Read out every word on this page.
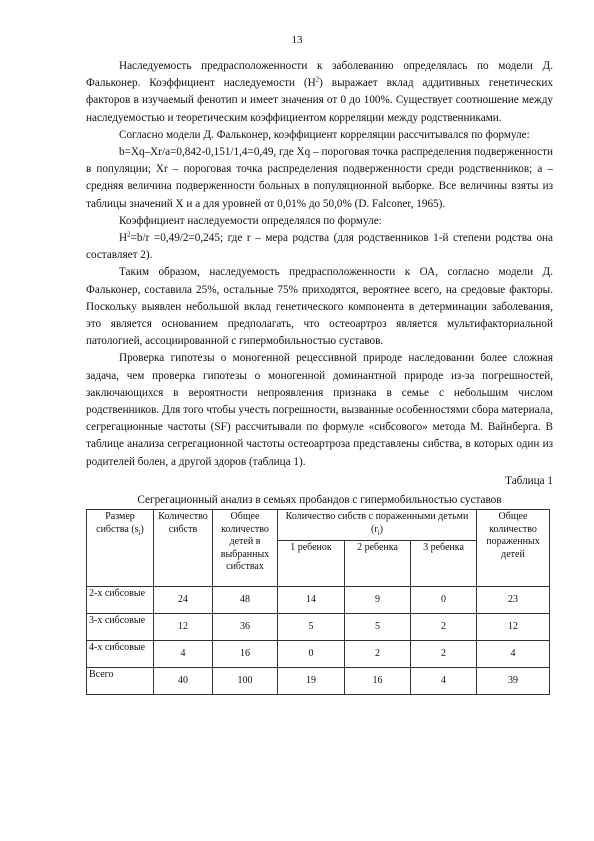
13

Наследуемость предрасположенности к заболеванию определялась по модели Д. Фальконер. Коэффициент наследуемости $(H^2)$ выражает вклад аддитивных генетических факторов в изучаемый фенотип и имеет значения от 0 до 100%. Существует соотношение между наследуемостью и теоретическим коэффициентом корреляции между родственниками.

Согласно модели Д. Фальконер, коэффициент корреляции рассчитывался по формуле:

b=Xq–Xr/a=0,842-0,151/1,4=0,49, где Xq – пороговая точка распределения подверженности в популяции; Xr – пороговая точка распределения подверженности среди родственников; a – средняя величина подверженности больных в популяционной выборке. Все величины взяты из таблицы значений X и a для уровней от 0,01% до 50,0% (D. Falconer, 1965).

Коэффициент наследуемости определялся по формуле:

$H^2=b/r =0,49/2=0,245$; где r – мера родства (для родственников 1-й степени родства она составляет 2).

Таким образом, наследуемость предрасположенности к ОА, согласно модели Д. Фальконер, составила 25%, остальные 75% приходятся, вероятнее всего, на средовые факторы. Поскольку выявлен небольшой вклад генетического компонента в детерминации заболевания, это является основанием предполагать, что остеоартроз является мультифакториальной патологией, ассоциированной с гипермобильностью суставов.

Проверка гипотезы о моногенной рецессивной природе наследовании более сложная задача, чем проверка гипотезы о моногенной доминантной природе из-за погрешностей, заключающихся в вероятности непроявления признака в семье с небольшим числом родственников. Для того чтобы учесть погрешности, вызванные особенностями сбора материала, сегрегационные частоты (SF) рассчитывали по формуле «сибсового» метода М. Вайнберга. В таблице анализа сегрегационной частоты остеоартроза представлены сибства, в которых один из родителей болен, а другой здоров (таблица 1).

Таблица 1
Сегрегационный анализ в семьях пробандов с гипермобильностью суставов
Размер сибства $(s_i)$	Количество сибств	Общее количество детей в выбранных сибствах	Количество сибств с пораженными детьми $(r_i)$			Общее количество пораженных детей
			1 ребенок	2 ребенка	3 ребенка	
2-х сибсовые	24	48	14	9	0	23
3-х сибсовые	12	36	5	5	2	12
4-х сибсовые	4	16	0	2	2	4
Всего	40	100	19	16	4	39
